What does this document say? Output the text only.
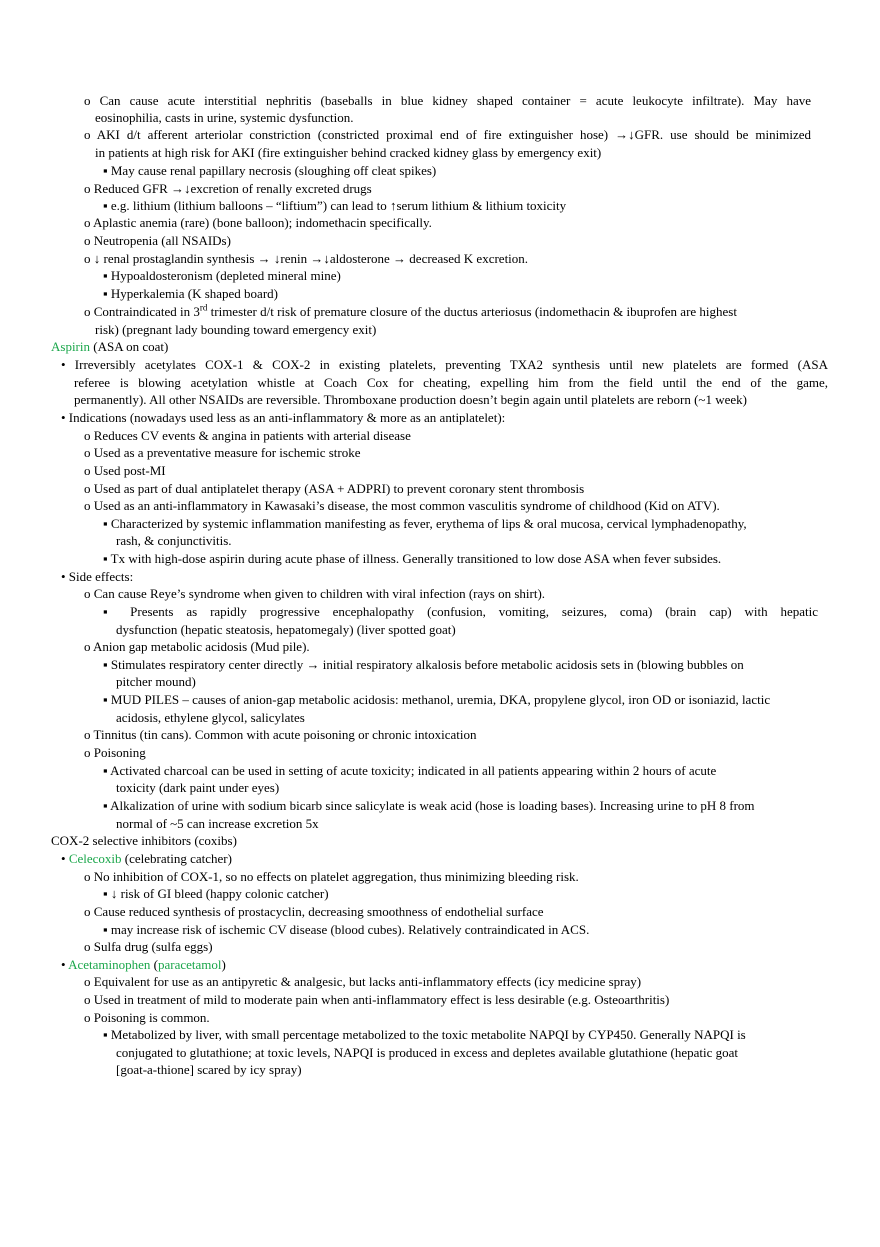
o Can cause acute interstitial nephritis (baseballs in blue kidney shaped container = acute leukocyte infiltrate). May have
eosinophilia, casts in urine, systemic dysfunction.
o AKI d/t afferent arteriolar constriction (constricted proximal end of fire extinguisher hose) →↓GFR. use should be minimized
in patients at high risk for AKI (fire extinguisher behind cracked kidney glass by emergency exit)
▪ May cause renal papillary necrosis (sloughing off cleat spikes)
o Reduced GFR →↓excretion of renally excreted drugs
▪ e.g. lithium (lithium balloons – “liftium”) can lead to ↑serum lithium & lithium toxicity
o Aplastic anemia (rare) (bone balloon); indomethacin specifically.
o Neutropenia (all NSAIDs)
o ↓ renal prostaglandin synthesis → ↓renin →↓aldosterone → decreased K excretion.
▪ Hypoaldosteronism (depleted mineral mine)
▪ Hyperkalemia (K shaped board)
o Contraindicated in 3rd trimester d/t risk of premature closure of the ductus arteriosus (indomethacin & ibuprofen are highest
risk) (pregnant lady bounding toward emergency exit)
Aspirin (ASA on coat)
• Irreversibly acetylates COX-1 & COX-2 in existing platelets, preventing TXA2 synthesis until new platelets are formed (ASA
referee is blowing acetylation whistle at Coach Cox for cheating, expelling him from the field until the end of the game,
permanently). All other NSAIDs are reversible. Thromboxane production doesn’t begin again until platelets are reborn (~1 week)
• Indications (nowadays used less as an anti-inflammatory & more as an antiplatelet):
o Reduces CV events & angina in patients with arterial disease
o Used as a preventative measure for ischemic stroke
o Used post-MI
o Used as part of dual antiplatelet therapy (ASA + ADPRI) to prevent coronary stent thrombosis
o Used as an anti-inflammatory in Kawasaki’s disease, the most common vasculitis syndrome of childhood (Kid on ATV).
▪ Characterized by systemic inflammation manifesting as fever, erythema of lips & oral mucosa, cervical lymphadenopathy,
rash, & conjunctivitis.
▪ Tx with high-dose aspirin during acute phase of illness. Generally transitioned to low dose ASA when fever subsides.
• Side effects:
o Can cause Reye’s syndrome when given to children with viral infection (rays on shirt).
▪ Presents as rapidly progressive encephalopathy (confusion, vomiting, seizures, coma) (brain cap) with hepatic
dysfunction (hepatic steatosis, hepatomegaly) (liver spotted goat)
o Anion gap metabolic acidosis (Mud pile).
▪ Stimulates respiratory center directly → initial respiratory alkalosis before metabolic acidosis sets in (blowing bubbles on
pitcher mound)
▪ MUD PILES – causes of anion-gap metabolic acidosis: methanol, uremia, DKA, propylene glycol, iron OD or isoniazid, lactic
acidosis, ethylene glycol, salicylates
o Tinnitus (tin cans). Common with acute poisoning or chronic intoxication
o Poisoning
▪ Activated charcoal can be used in setting of acute toxicity; indicated in all patients appearing within 2 hours of acute
toxicity (dark paint under eyes)
▪ Alkalization of urine with sodium bicarb since salicylate is weak acid (hose is loading bases). Increasing urine to pH 8 from
normal of ~5 can increase excretion 5x
COX-2 selective inhibitors (coxibs)
• Celecoxib (celebrating catcher)
o No inhibition of COX-1, so no effects on platelet aggregation, thus minimizing bleeding risk.
▪ ↓ risk of GI bleed (happy colonic catcher)
o Cause reduced synthesis of prostacyclin, decreasing smoothness of endothelial surface
▪ may increase risk of ischemic CV disease (blood cubes). Relatively contraindicated in ACS.
o Sulfa drug (sulfa eggs)
• Acetaminophen (paracetamol)
o Equivalent for use as an antipyretic & analgesic, but lacks anti-inflammatory effects (icy medicine spray)
o Used in treatment of mild to moderate pain when anti-inflammatory effect is less desirable (e.g. Osteoarthritis)
o Poisoning is common.
▪ Metabolized by liver, with small percentage metabolized to the toxic metabolite NAPQI by CYP450. Generally NAPQI is
conjugated to glutathione; at toxic levels, NAPQI is produced in excess and depletes available glutathione (hepatic goat
[goat-a-thione] scared by icy spray)
